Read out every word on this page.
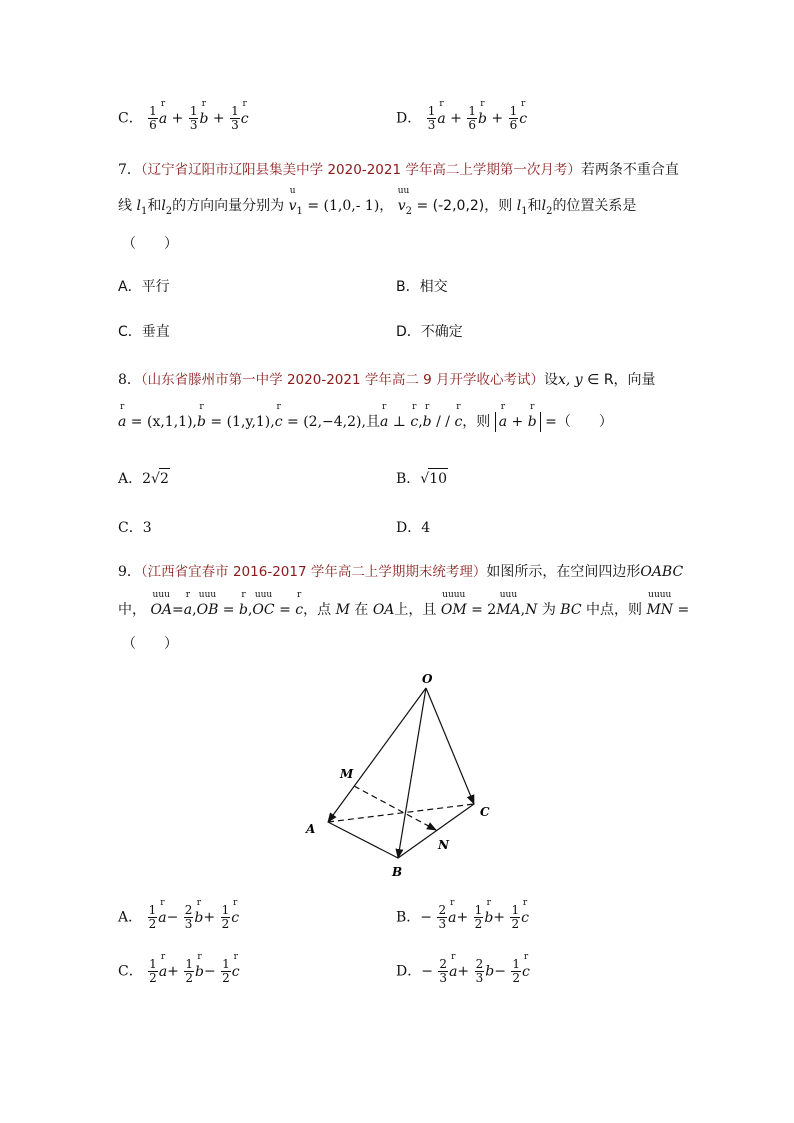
C． $\frac{1}{6}$
r
$a + \frac{1}{3}$
r
$b + \frac{1}{3}$
r
c	D． $\frac{1}{3}$
r
$a + \frac{1}{6}$
r
$b + \frac{1}{6}$
r
c
7．（辽宁省辽阳市辽阳县集美中学 2020-2021 学年高二上学期第一次月考）若两条不重合直
线 $l_1$和$l_2$的方向向量分别为
u
$v_1 = (1,0,-$ 1)，
uu
$v_2 = (-2,0,2)$，则 $l_1$和$l_2$的位置关系是
（　　）
A．平行	B．相交
C．垂直	D．不确定
8．（山东省滕州市第一中学 2020-2021 学年高二 9 月开学收心考试）设x, y ∈ R，向量
r
a = (x,1,1),
r
b = (1,y,1),
r
c = (2,−4,2),且
r
a ⊥
r
c,
r
b / /
r
c，则
r
a +
r
b =（　　）
A．2√2	B．√10
C．3	D．4
9．（江西省宜春市 2016-2017 学年高二上学期期末统考理）如图所示，在空间四边形OABC
中，
uuu
OA=
r
a,
uuu
OB =
r
b,
uuu
OC =
r
c，点 M 在 OA上，且
uuuu
OM = 2
uuu
MA,N 为 BC 中点，则
uuuu
MN =
（　　）
O
M
A
B
N
C
A． $\frac{1}{2}$
r
$a- \frac{2}{3}$
r
$b+ \frac{1}{2}$
r
c	B．− $\frac{2}{3}$
r
$a+ \frac{1}{2}$
r
$b+ \frac{1}{2}$
r
c
C． $\frac{1}{2}$
r
$a+ \frac{1}{2}$
r
$b- \frac{1}{2}$
r
c	D．− $\frac{2}{3}$
r
$a+ \frac{2}{3} b- \frac{1}{2}$
r
c
